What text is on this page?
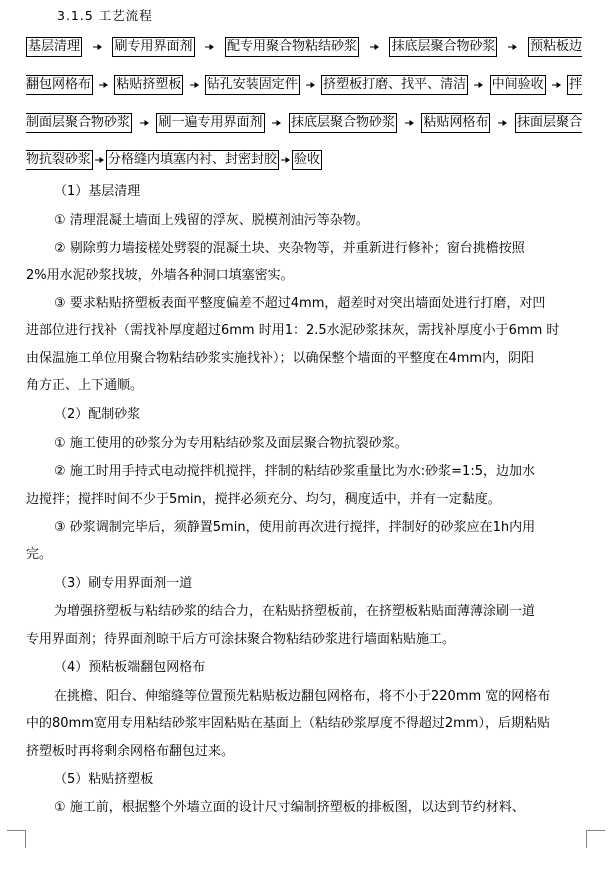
3.1.5 工艺流程
基层清理	刷专用界面剂	配专用聚合物粘结砂浆	抹底层聚合物砂浆	预粘板边
翻包网格布 粘贴挤塑板 钻孔安装固定件 挤塑板打磨、找平、清洁 中间验收 拌
制面层聚合物砂浆 刷一遍专用界面剂 抹底层聚合物砂浆 粘贴网格布 抹面层聚合
物抗裂砂浆 分格缝内填塞内衬、封密封胶 验收
（1）基层清理
① 清理混凝土墙面上残留的浮灰、脱模剂油污等杂物。
② 剔除剪力墙接槎处劈裂的混凝土块、夹杂物等，并重新进行修补；窗台挑檐按照
2%用水泥砂浆找坡，外墙各种洞口填塞密实。
③ 要求粘贴挤塑板表面平整度偏差不超过4mm，超差时对突出墙面处进行打磨，对凹
进部位进行找补（需找补厚度超过6mm 时用1：2.5水泥砂浆抹灰，需找补厚度小于6mm 时
由保温施工单位用聚合物粘结砂浆实施找补）；以确保整个墙面的平整度在4mm内，阴阳
角方正、上下通顺。
（2）配制砂浆
① 施工使用的砂浆分为专用粘结砂浆及面层聚合物抗裂砂浆。
② 施工时用手持式电动搅拌机搅拌，拌制的粘结砂浆重量比为水:砂浆=1:5，边加水
边搅拌；搅拌时间不少于5min，搅拌必须充分、均匀，稠度适中，并有一定黏度。
③ 砂浆调制完毕后，须静置5min，使用前再次进行搅拌，拌制好的砂浆应在1h内用
完。
（3）刷专用界面剂一道
为增强挤塑板与粘结砂浆的结合力，在粘贴挤塑板前，在挤塑板粘贴面薄薄涂刷一道
专用界面剂；待界面剂晾干后方可涂抹聚合物粘结砂浆进行墙面粘贴施工。
（4）预粘板端翻包网格布
在挑檐、阳台、伸缩缝等位置预先粘贴板边翻包网格布，将不小于220mm 宽的网格布
中的80mm宽用专用粘结砂浆牢固粘贴在基面上（粘结砂浆厚度不得超过2mm），后期粘贴
挤塑板时再将剩余网格布翻包过来。
（5）粘贴挤塑板
① 施工前，根据整个外墙立面的设计尺寸编制挤塑板的排板图，以达到节约材料、
